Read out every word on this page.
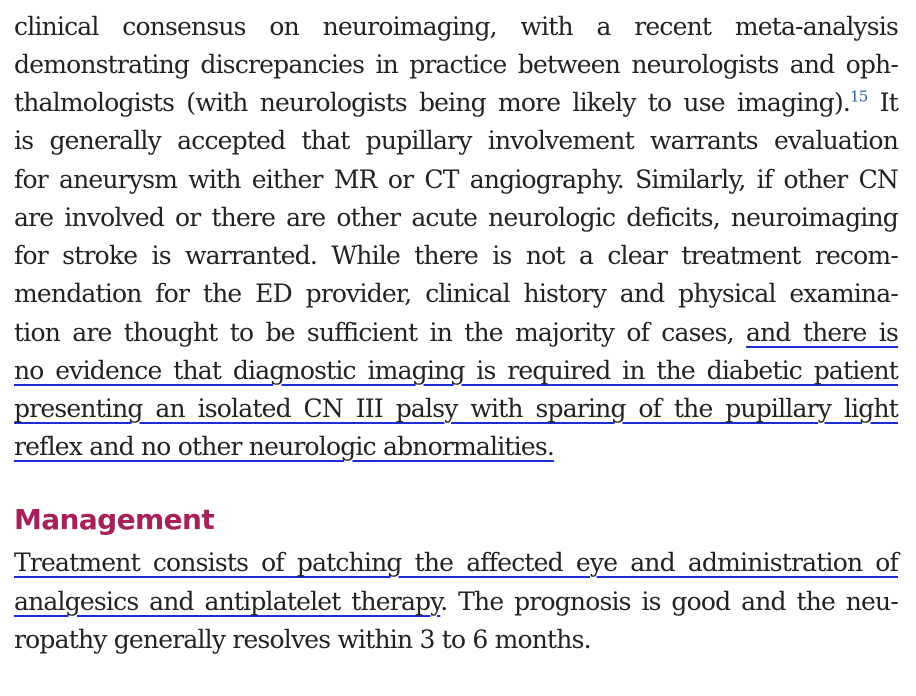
clinical consensus on neuroimaging, with a recent meta-analysis
demonstrating discrepancies in practice between neurologists and oph-
thalmologists (with neurologists being more likely to use imaging).$^{15}$ It
is generally accepted that pupillary involvement warrants evaluation
for aneurysm with either MR or CT angiography. Similarly, if other CN
are involved or there are other acute neurologic deficits, neuroimaging
for stroke is warranted. While there is not a clear treatment recom-
mendation for the ED provider, clinical history and physical examina-
tion are thought to be sufficient in the majority of cases, and there is
no evidence that diagnostic imaging is required in the diabetic patient
presenting an isolated CN III palsy with sparing of the pupillary light
reflex and no other neurologic abnormalities.
Management
Treatment consists of patching the affected eye and administration of
analgesics and antiplatelet therapy. The prognosis is good and the neu-
ropathy generally resolves within 3 to 6 months.
